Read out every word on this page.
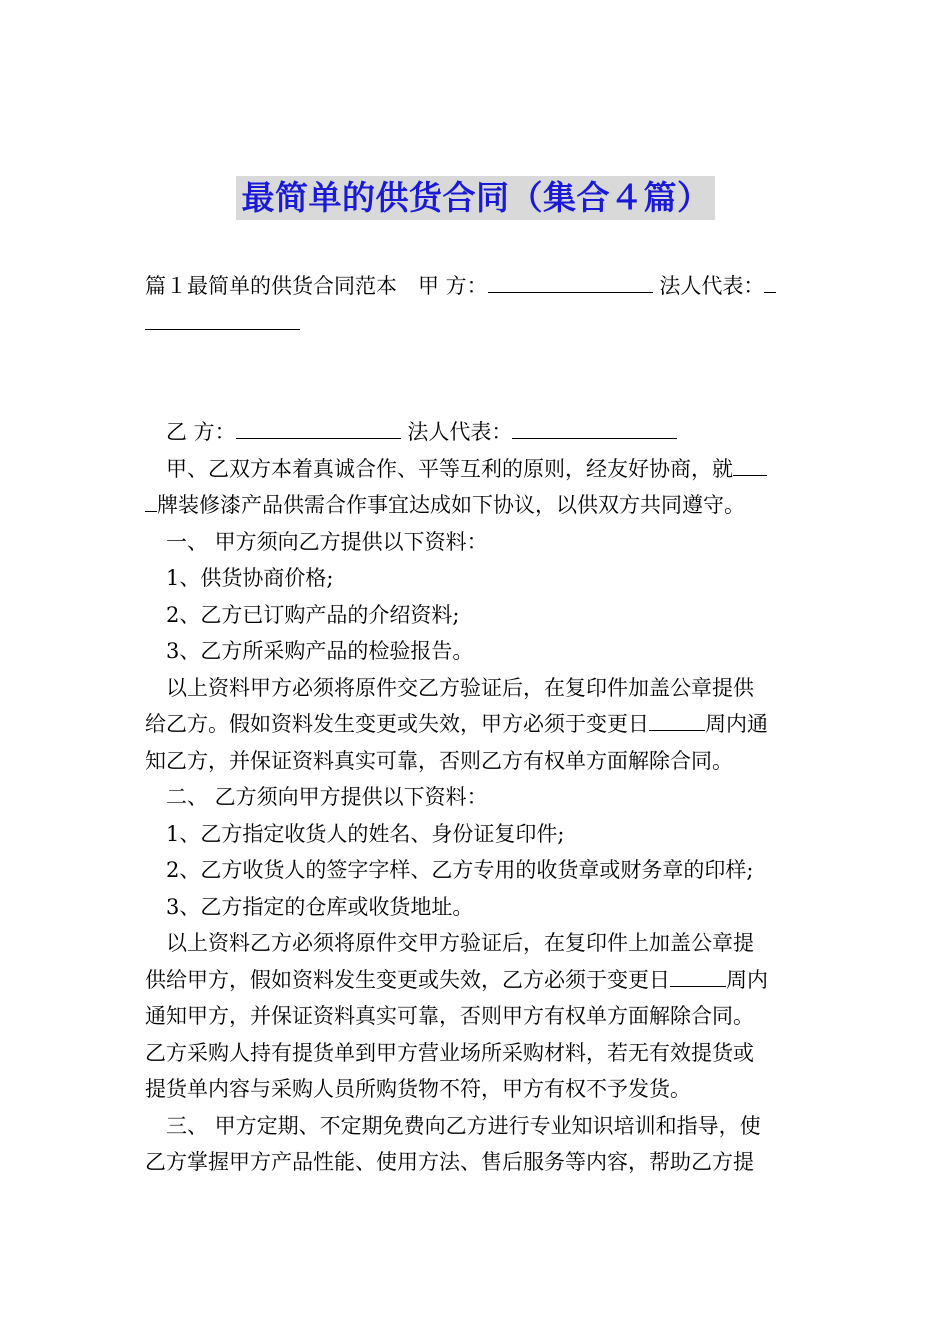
最简单的供货合同（集合４篇）
篇１最简单的供货合同范本　甲 方：	法人代表：
乙 方：	法人代表：
甲、乙双方本着真诚合作、平等互利的原则，经友好协商，就
牌装修漆产品供需合作事宜达成如下协议，以供双方共同遵守。
一、 甲方须向乙方提供以下资料：
1、供货协商价格;
2、乙方已订购产品的介绍资料;
3、乙方所采购产品的检验报告。
以上资料甲方必须将原件交乙方验证后，在复印件加盖公章提供
给乙方。假如资料发生变更或失效，甲方必须于变更日	周内通
知乙方，并保证资料真实可靠，否则乙方有权单方面解除合同。
二、 乙方须向甲方提供以下资料：
1、乙方指定收货人的姓名、身份证复印件;
2、乙方收货人的签字字样、乙方专用的收货章或财务章的印样;
3、乙方指定的仓库或收货地址。
以上资料乙方必须将原件交甲方验证后，在复印件上加盖公章提
供给甲方，假如资料发生变更或失效，乙方必须于变更日	周内
通知甲方，并保证资料真实可靠，否则甲方有权单方面解除合同。
乙方采购人持有提货单到甲方营业场所采购材料，若无有效提货或
提货单内容与采购人员所购货物不符，甲方有权不予发货。
三、 甲方定期、不定期免费向乙方进行专业知识培训和指导，使
乙方掌握甲方产品性能、使用方法、售后服务等内容，帮助乙方提
